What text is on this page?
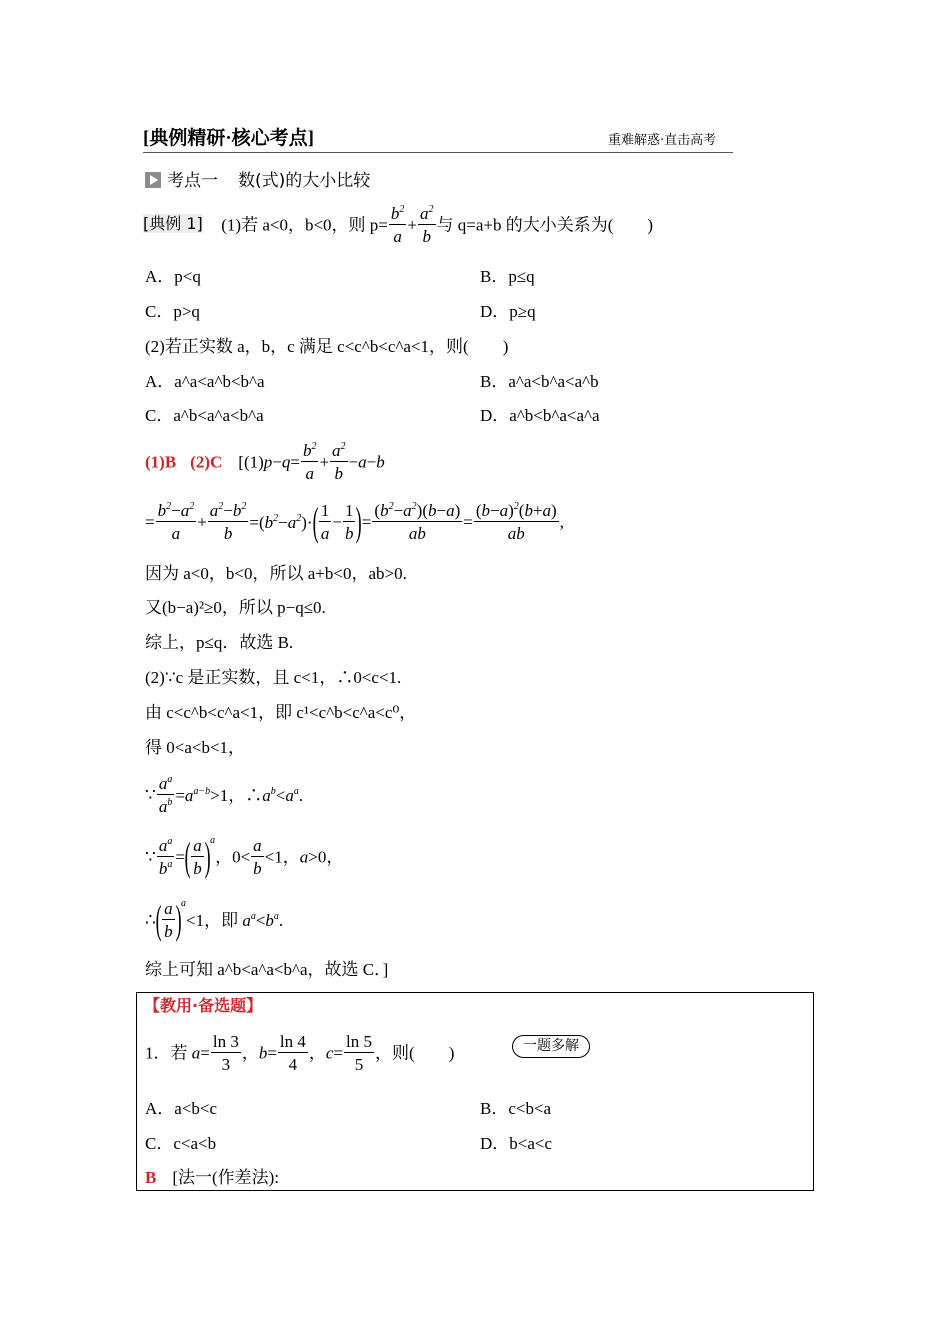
[典例精研·核心考点]	重难解惑·直击高考
考点一 数(式)的大小比较
[典例 1] (1)若 a<0，b<0，则 $p= \frac{b^2}{a} + \frac{a^2}{b}$ 与 q=a+b 的大小关系为(　　)
A．p<q	B．p≤q
C．p>q	D．p≥q
(2)若正实数 a，b，c 满足 c<c^b<c^a<1，则(　　)
A．a^a<a^b<b^a	B．a^a<b^a<a^b
C．a^b<a^a<b^a	D．a^b<b^a<a^a
(1)B (2)C [$(1)p-q= \frac{b^2}{a} + \frac{a^2}{b} -a-b$
= $\frac{b^2-a^2}{a} + \frac{a^2-b^2}{b} =(b^2-a^2)\cdot( \frac{1}{a} - \frac{1}{b}$ )= $\frac{(b^2-a^2)(b-a)}{ab} = \frac{(b-a)^2(b+a)}{ab}$ ,
因为 a<0，b<0，所以 a+b<0，ab>0.
又(b−a)²≥0，所以 p−q≤0.
综上，p≤q．故选 B.
(2)∵c 是正实数，且 c<1，∴0<c<1.
由 c<c^b<c^a<1，即 c¹<c^b<c^a<c⁰，
得 0<a<b<1，
∵ $\frac{a^a}{a^b} =a^{a-b}>1$，$\therefore a^b<a^a$.
∵ $\frac{a^a}{b^a}$ =( $\frac{a}{b} )^a$，$0< \frac{a}{b} <1$，a>0，
∴( $\frac{a}{b} )^a<1$，即 $a^a<b^a$.
综上可知 a^b<a^a<b^a，故选 C．]
【教用·备选题】
1．若 $a= \frac{\ln 3}{3}$ ，$b= \frac{\ln 4}{4}$ ，$c= \frac{\ln 5}{5}$ ，则(　　)	一题多解
A．a<b<c	B．c<b<a
C．c<a<b	D．b<a<c
B [法一(作差法):
